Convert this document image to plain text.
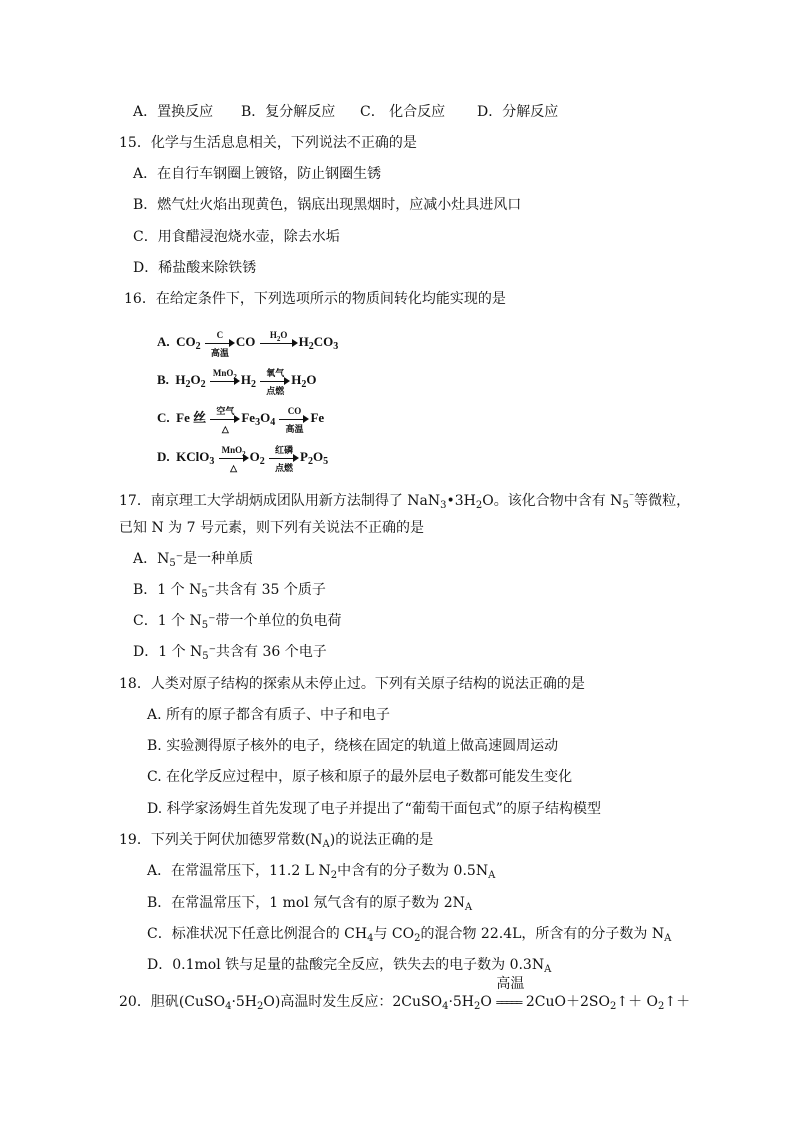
A．置换反应 B．复分解反应 C． 化合反应 D．分解反应
15．化学与生活息息相关，下列说法不正确的是
A．在自行车钢圈上镀铬，防止钢圈生锈
B．燃气灶火焰出现黄色，锅底出现黑烟时，应减小灶具进风口
C．用食醋浸泡烧水壶，除去水垢
D．稀盐酸来除铁锈
16．在给定条件下，下列选项所示的物质间转化均能实现的是
A. $CO_2$
C
高温
CO	$H_2O$ $H_2CO_3$
B. $H_2O_2$
MnO$_2$ $H_2$
氧气
点燃
$H_2O$
C. Fe 丝	空气
△
$Fe_3O_4$
CO
高温
Fe
D. KClO$_3$
MnO$_2$
△
$O_2$
红磷
点燃
$P_2O_5$
17．南京理工大学胡炳成团队用新方法制得了 $NaN_3•3H_2O$。该化合物中含有 $N_5^{^-}$等微粒，
已知 N 为 7 号元素，则下列有关说法不正确的是
A．$N_5^-$是一种单质
B．1 个 $N_5^-$共含有 35 个质子
C．1 个 $N_5^-$带一个单位的负电荷
D．1 个 $N_5^-$共含有 36 个电子
18．人类对原子结构的探索从未停止过。下列有关原子结构的说法正确的是
A. 所有的原子都含有质子、中子和电子
B. 实验测得原子核外的电子，绕核在固定的轨道上做高速圆周运动
C. 在化学反应过程中，原子核和原子的最外层电子数都可能发生变化
D. 科学家汤姆生首先发现了电子并提出了“葡萄干面包式”的原子结构模型
19．下列关于阿伏加德罗常数$(N_A)$的说法正确的是
A．在常温常压下，11.2 L $N_2$中含有的分子数为 $0.5N_A$
B．在常温常压下，1 mol 氖气含有的原子数为 $2N_A$
C．标准状况下任意比例混合的 $CH_4$与 $CO_2$的混合物 22.4L，所含有的分子数为 $N_A$
D．0.1mol 铁与足量的盐酸完全反应，铁失去的电子数为 $0.3N_A$
20．胆矾$(CuSO_4\cdot 5H_2O)$高温时发生反应：$2CuSO_4\cdot 5H_2O$
高温
═════ $2CuO+2SO_2↑+$ $O_2↑+$
